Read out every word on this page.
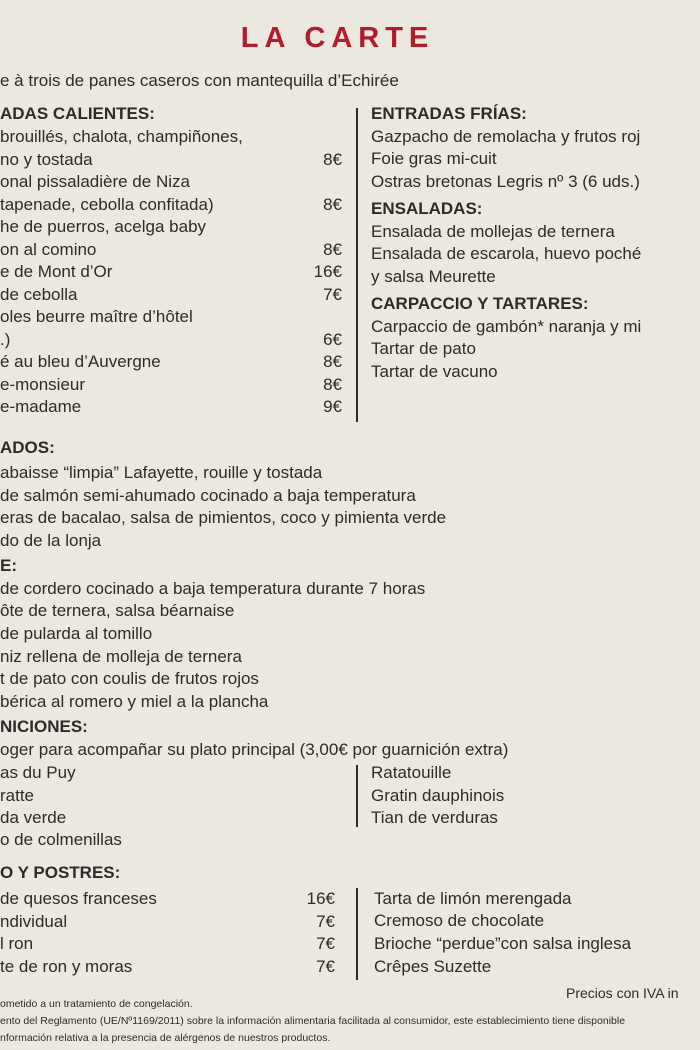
LA CARTE
e à trois de panes caseros con mantequilla d’Echirée
ADAS CALIENTES:
brouillés, chalota, champiñones,
no y tostada	8€
onal pissaladière de Niza
tapenade, cebolla confitada)	8€
he de puerros, acelga baby
on al comino	8€
e de Mont d’Or	16€
de cebolla	7€
oles beurre maître d’hôtel
.)	6€
é au bleu d’Auvergne	8€
e-monsieur	8€
e-madame	9€
ENTRADAS FRÍAS:
Gazpacho de remolacha y frutos roj
Foie gras mi-cuit
Ostras bretonas Legris nº 3 (6 uds.)
ENSALADAS:
Ensalada de mollejas de ternera
Ensalada de escarola, huevo poché
y salsa Meurette
CARPACCIO Y TARTARES:
Carpaccio de gambón* naranja y mi
Tartar de pato
Tartar de vacuno
ADOS:
abaisse “limpia” Lafayette, rouille y tostada
de salmón semi-ahumado cocinado a baja temperatura
eras de bacalao, salsa de pimientos, coco y pimienta verde
do de la lonja
E:
de cordero cocinado a baja temperatura durante 7 horas
ôte de ternera, salsa béarnaise
de pularda al tomillo
niz rellena de molleja de ternera
t de pato con coulis de frutos rojos
bérica al romero y miel a la plancha
NICIONES:
oger para acompañar su plato principal (3,00€ por guarnición extra)
as du Puy
ratte
da verde
o de colmenillas
Ratatouille
Gratin dauphinois
Tian de verduras
O Y POSTRES:
de quesos franceses	16€
ndividual	7€
l ron	7€
te de ron y moras	7€
Tarta de limón merengada
Cremoso de chocolate
Brioche “perdue”con salsa inglesa
Crêpes Suzette
Precios con IVA in
ometido a un tratamiento de congelación.
ento del Reglamento (UE/Nº1169/2011) sobre la información alimentaria facilitada al consumidor, este establecimiento tiene disponible
nformación relativa a la presencia de alérgenos de nuestros productos.
